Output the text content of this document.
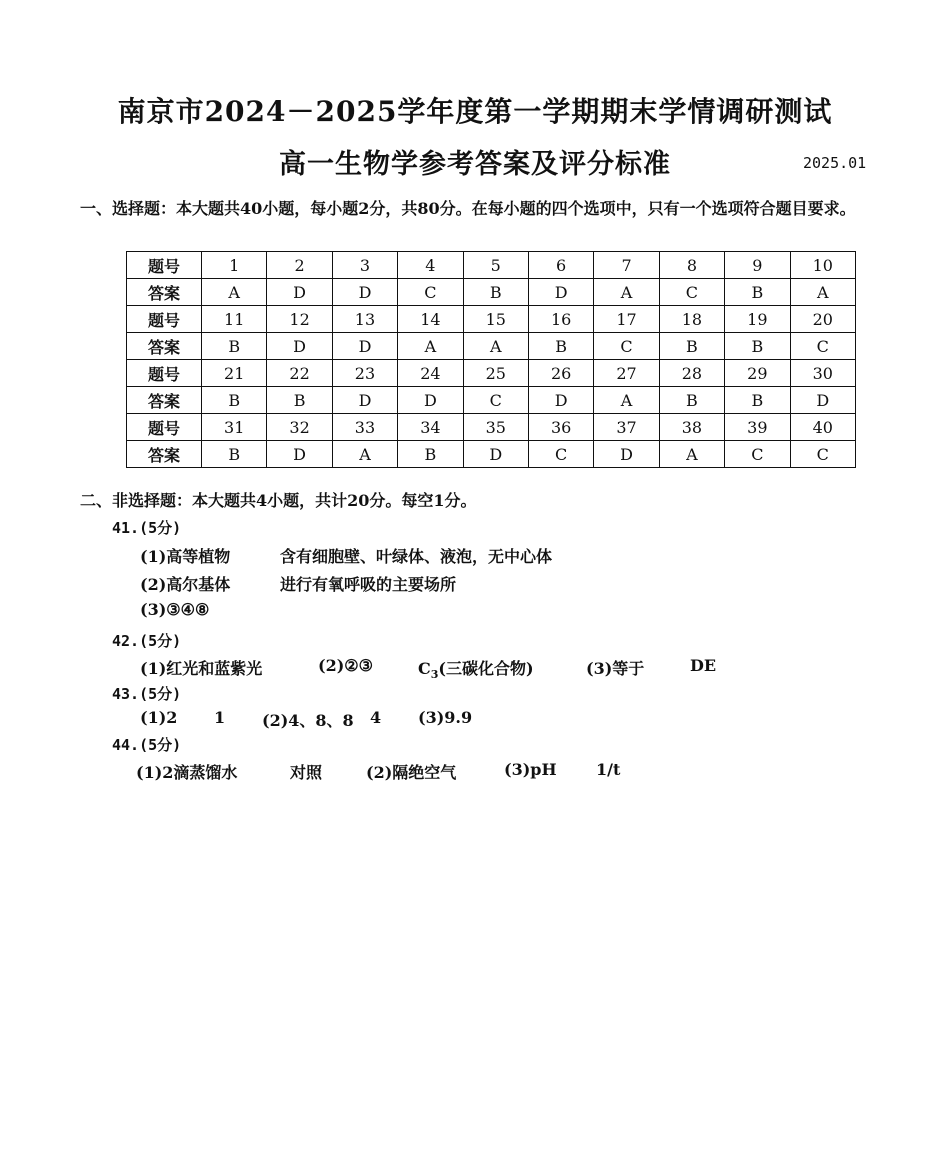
南京市2024－2025学年度第一学期期末学情调研测试
高一生物学参考答案及评分标准	2025.01
一、选择题：本大题共40小题，每小题2分，共80分。在每小题的四个选项中，只有一个选项符合题目要求。
题号	1	2	3	4	5	6	7	8	9	10
答案	A	D	D	C	B	D	A	C	B	A
题号	11	12	13	14	15	16	17	18	19	20
答案	B	D	D	A	A	B	C	B	B	C
题号	21	22	23	24	25	26	27	28	29	30
答案	B	B	D	D	C	D	A	B	B	D
题号	31	32	33	34	35	36	37	38	39	40
答案	B	D	A	B	D	C	D	A	C	C
二、非选择题：本大题共4小题，共计20分。每空1分。
41.(5分)
(1)高等植物	含有细胞壁、叶绿体、液泡，无中心体
(2)高尔基体	进行有氧呼吸的主要场所
(3)③④⑧
42.(5分)
(1)红光和蓝紫光	(2)②③	$C_3$(三碳化合物)	(3)等于	DE
43.(5分)
(1)2 1 (2)4、8、8 4 (3)9.9
44.(5分)
(1)2滴蒸馏水	对照	(2)隔绝空气	(3)pH 1/t
